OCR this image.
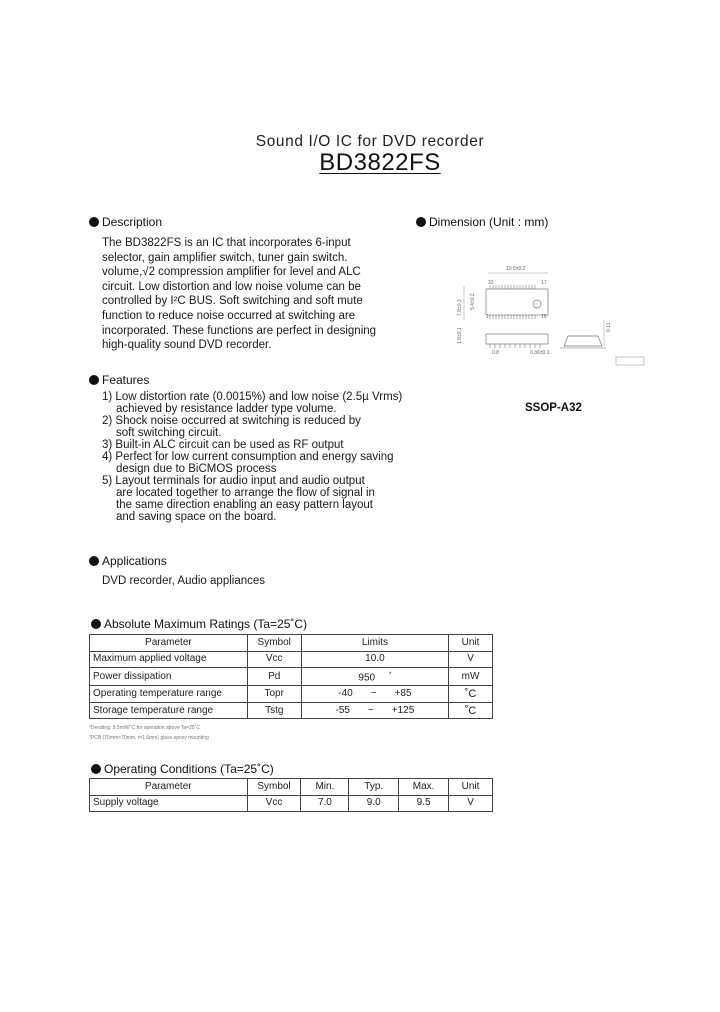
Sound I/O IC for DVD recorder
BD3822FS
Description
The BD3822FS is an IC that incorporates 6-input
selector, gain amplifier switch, tuner gain switch.
volume,√2 compression amplifier for level and ALC
circuit. Low distortion and low noise volume can be
controlled by I²C BUS. Soft switching and soft mute
function to reduce noise occurred at switching are
incorporated. These functions are perfect in designing
high-quality sound DVD recorder.
Dimension (Unit : mm)
13.6±0.2
32	17
1	16
7.8±0.3 5.4±0.2
1.8±0.1
0.8	0.36±0.1
0.11
SSOP-A32
Features
1) Low distortion rate (0.0015%) and low noise (2.5µ Vrms)
achieved by resistance ladder type volume.
2) Shock noise occurred at switching is reduced by
soft switching circuit.
3) Built-in ALC circuit can be used as RF output
4) Perfect for low current consumption and energy saving
design due to BiCMOS process
5) Layout terminals for audio input and audio output
are located together to arrange the flow of signal in
the same direction enabling an easy pattern layout
and saving space on the board.
Applications
DVD recorder, Audio appliances
Absolute Maximum Ratings (Ta=25˚C)
Parameter	Symbol	Limits	Unit
Maximum applied voltage	Vcc	10.0	V
Power dissipation	Pd	950 *	mW
Operating temperature range	Topr	-40 ~ +85	˚C
Storage temperature range	Tstg	-55 ~ +125	˚C
*Derating: 9.5mW/˚C for operation above Ta=25˚C
*PCB (70mm×70mm, t=1.6mm) glass epoxy mounting
Operating Conditions (Ta=25˚C)
Parameter	Symbol	Min.	Typ.	Max.	Unit
Supply voltage	Vcc	7.0	9.0	9.5	V
